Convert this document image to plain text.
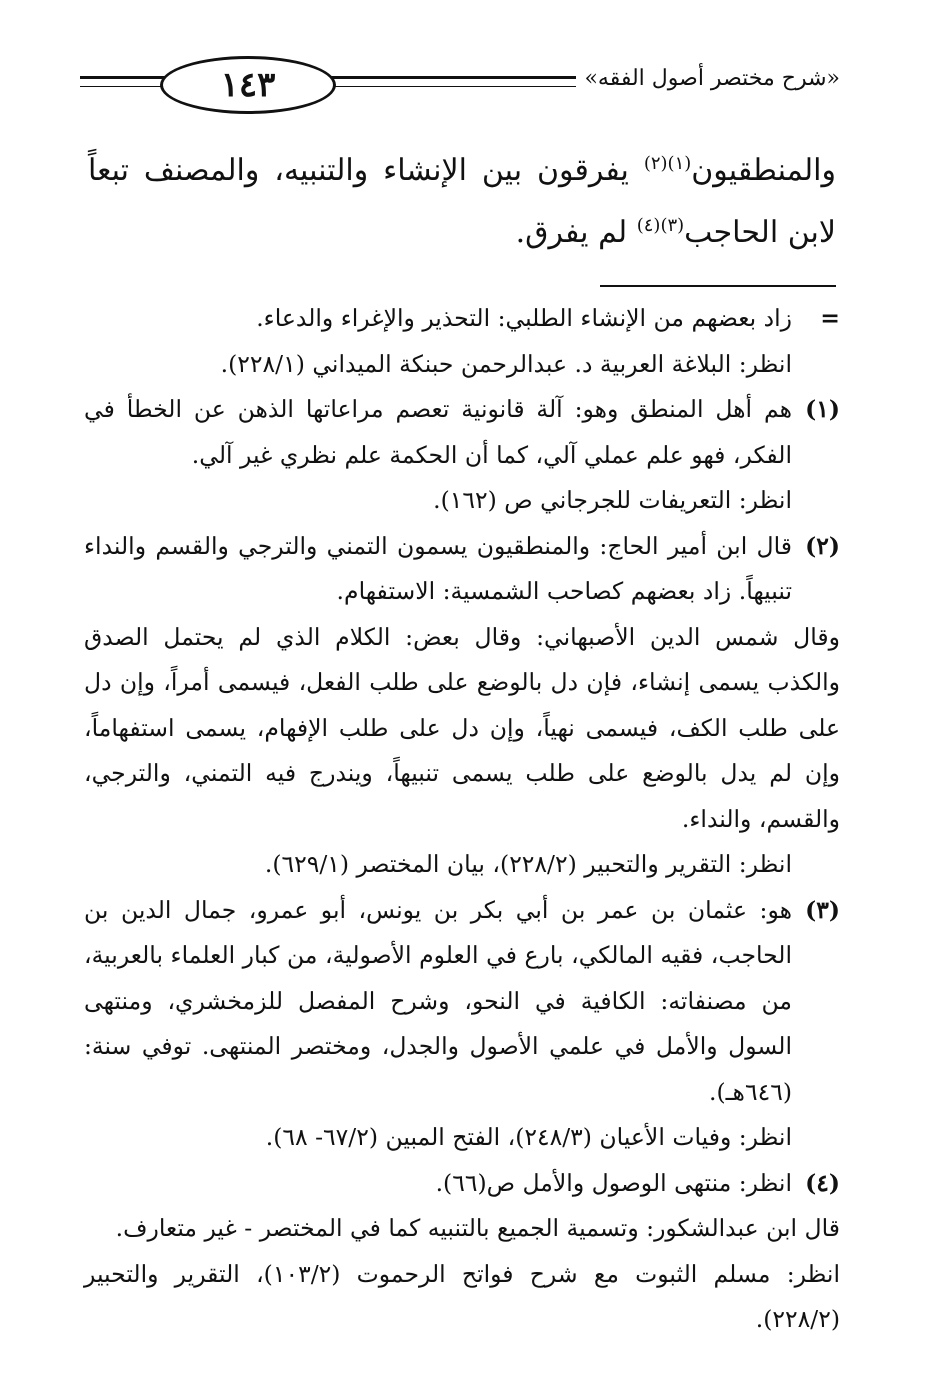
١٤٣	«شرح مختصر أصول الفقه»

والمنطقيون$^{(١)(٢)}$ يفرقون بين الإنشاء والتنبيه، والمصنف تبعاً لابن الحاجب$^{(٣)(٤)}$ لم يفرق.

=

زاد بعضهم من الإنشاء الطلبي: التحذير والإغراء والدعاء.

انظر: البلاغة العربية د. عبدالرحمن حبنكة الميداني (٢٢٨/١).

(١)

هم أهل المنطق وهو: آلة قانونية تعصم مراعاتها الذهن عن الخطأ في الفكر، فهو علم عملي آلي، كما أن الحكمة علم نظري غير آلي.

انظر: التعريفات للجرجاني ص (١٦٢).

(٢)

قال ابن أمير الحاج: والمنطقيون يسمون التمني والترجي والقسم والنداء تنبيهاً. زاد بعضهم كصاحب الشمسية: الاستفهام.

وقال شمس الدين الأصبهاني: وقال بعض: الكلام الذي لم يحتمل الصدق والكذب يسمى إنشاء، فإن دل بالوضع على طلب الفعل، فيسمى أمراً، وإن دل على طلب الكف، فيسمى نهياً، وإن دل على طلب الإفهام، يسمى استفهاماً، وإن لم يدل بالوضع على طلب يسمى تنبيهاً، ويندرج فيه التمني، والترجي، والقسم، والنداء.

انظر: التقرير والتحبير (٢٢٨/٢)، بيان المختصر (٦٢٩/١).

(٣)

هو: عثمان بن عمر بن أبي بكر بن يونس، أبو عمرو، جمال الدين بن الحاجب، فقيه المالكي، بارع في العلوم الأصولية، من كبار العلماء بالعربية، من مصنفاته: الكافية في النحو، وشرح المفصل للزمخشري، ومنتهى السول والأمل في علمي الأصول والجدل، ومختصر المنتهى. توفي سنة: (٦٤٦هـ).

انظر: وفيات الأعيان (٢٤٨/٣)، الفتح المبين (٦٧/٢- ٦٨).

(٤)

انظر: منتهى الوصول والأمل ص(٦٦).

قال ابن عبدالشكور: وتسمية الجميع بالتنبيه كما في المختصر - غير متعارف.

انظر: مسلم الثبوت مع شرح فواتح الرحموت (١٠٣/٢)، التقرير والتحبير (٢٢٨/٢).
